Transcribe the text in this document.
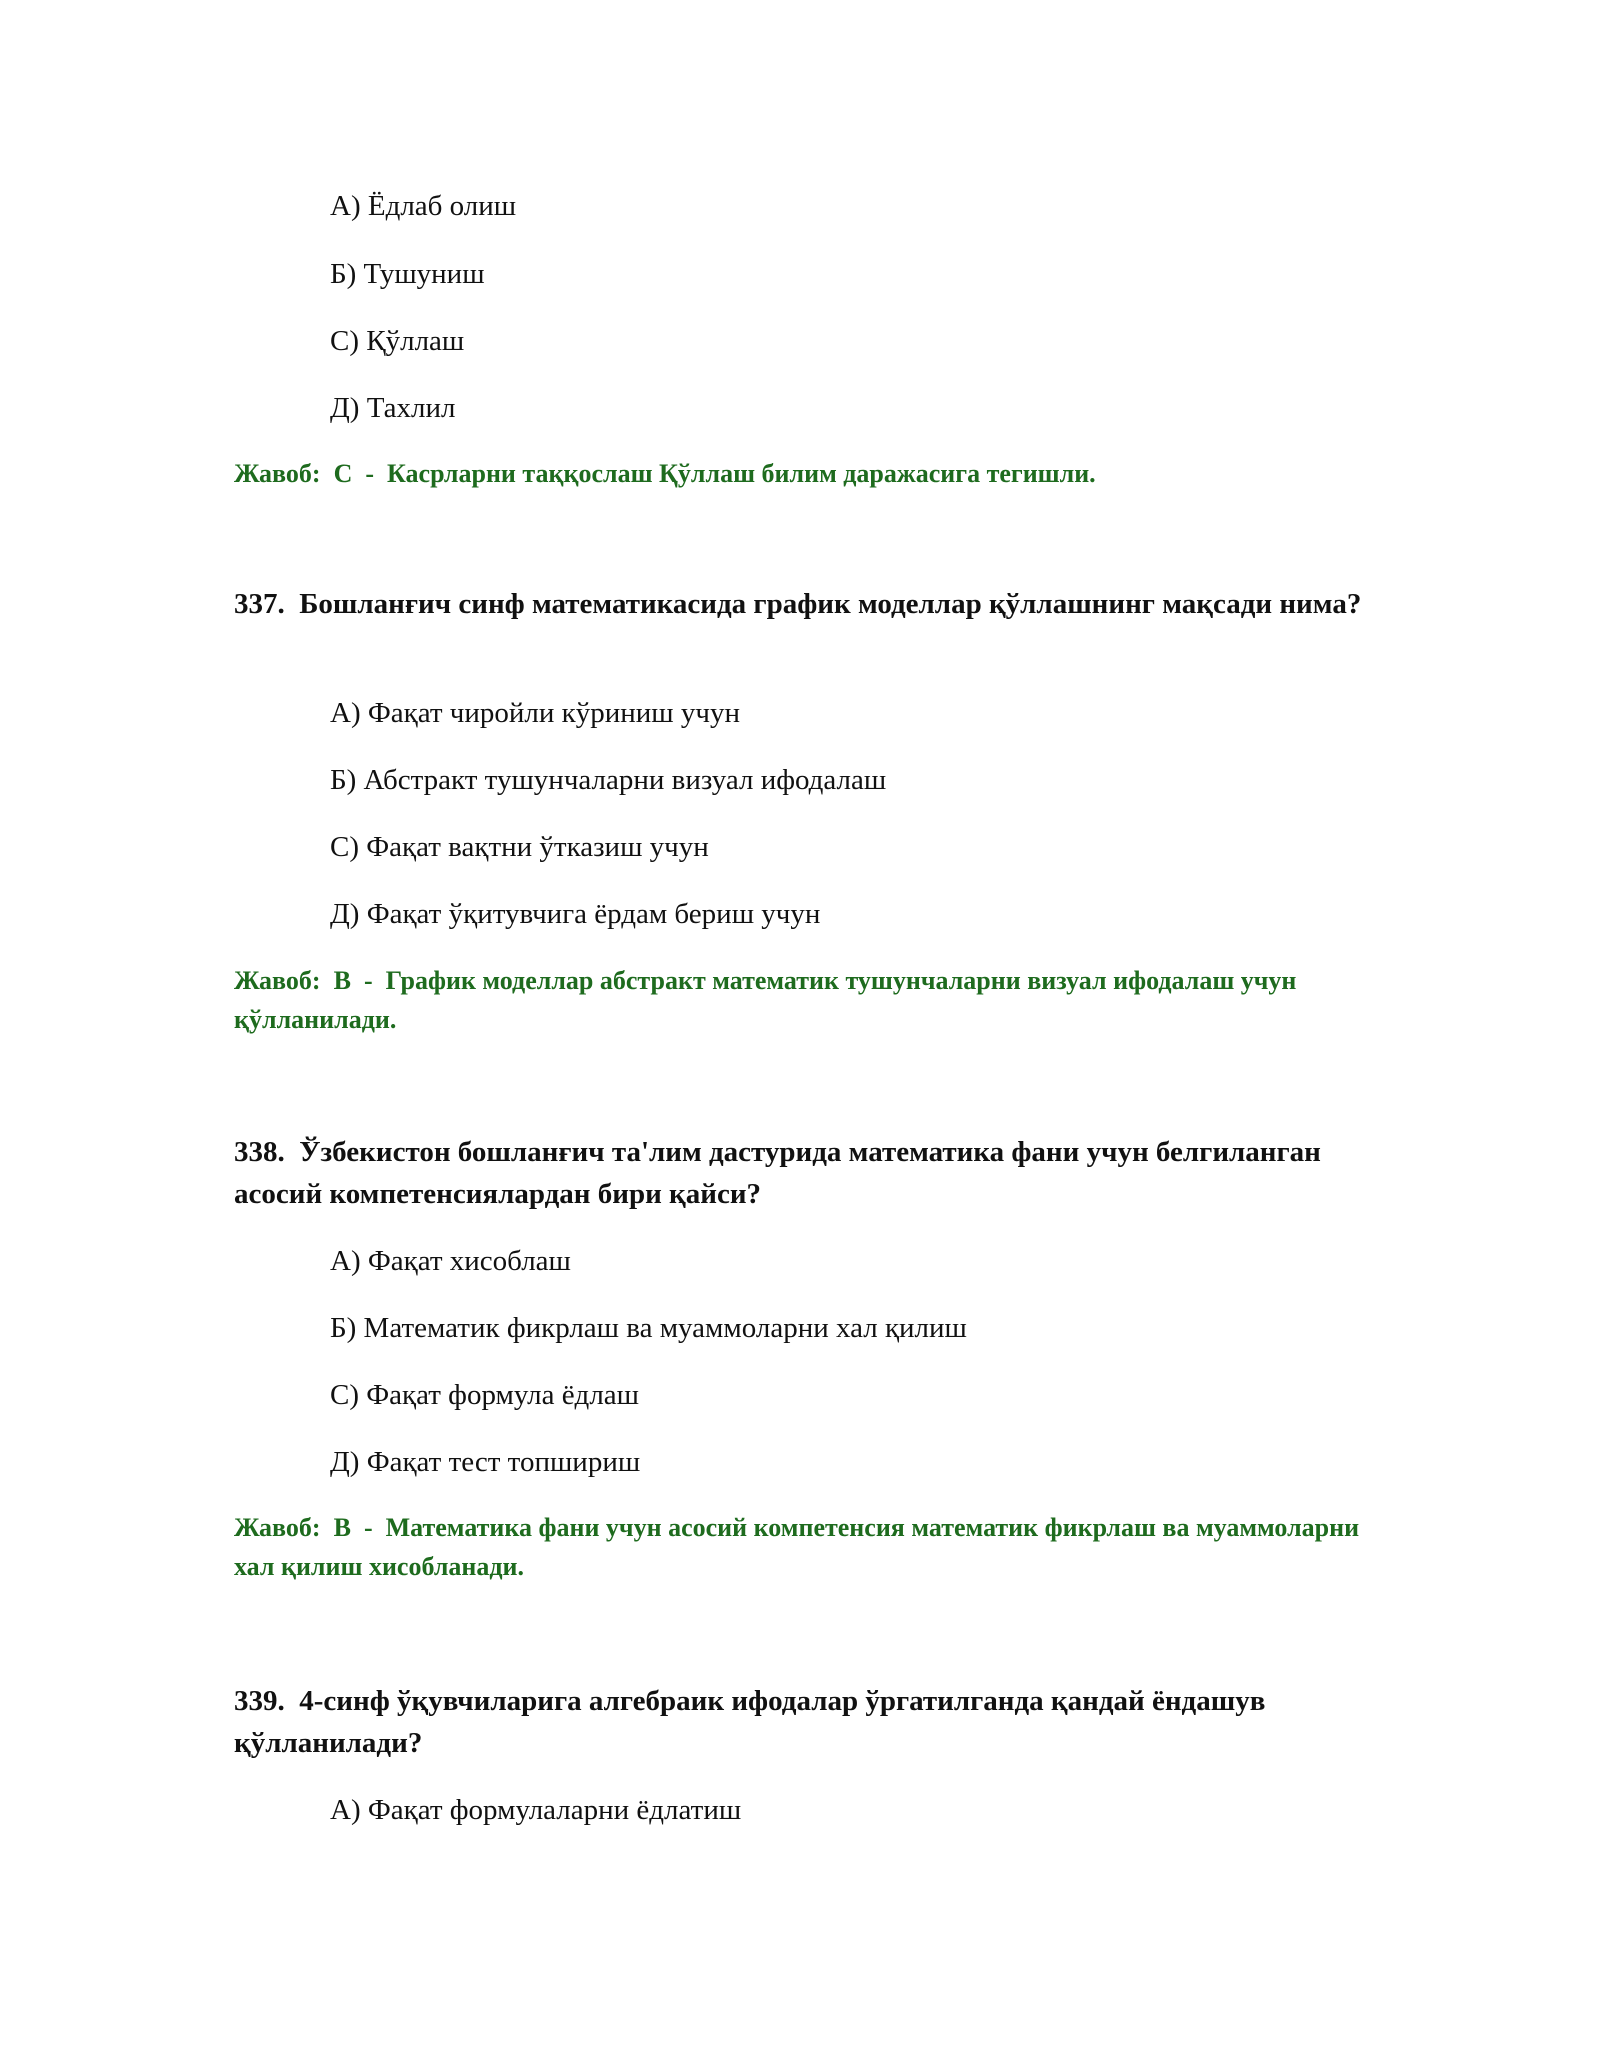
А) Ёдлаб олиш
Б) Тушуниш
С) Қўллаш
Д) Тахлил
Жавоб: С - Касрларни таққослаш Қўллаш билим даражасига тегишли.
337. Бошланғич синф математикасида график моделлар қўллашнинг мақсади нима?
А) Фақат чиройли кўриниш учун
Б) Абстракт тушунчаларни визуал ифодалаш
С) Фақат вақтни ўтказиш учун
Д) Фақат ўқитувчига ёрдам бериш учун
Жавоб: B - График моделлар абстракт математик тушунчаларни визуал ифодалаш учун қўлланилади.
338. Ўзбекистон бошланғич та'лим дастурида математика фани учун белгиланган асосий компетенсиялардан бири қайси?
А) Фақат хисоблаш
Б) Математик фикрлаш ва муаммоларни хал қилиш
С) Фақат формула ёдлаш
Д) Фақат тест топшириш
Жавоб: B - Математика фани учун асосий компетенсия математик фикрлаш ва муаммоларни хал қилиш хисобланади.
339. 4-синф ўқувчиларига алгебраик ифодалар ўргатилганда қандай ёндашув қўлланилади?
А) Фақат формулаларни ёдлатиш
